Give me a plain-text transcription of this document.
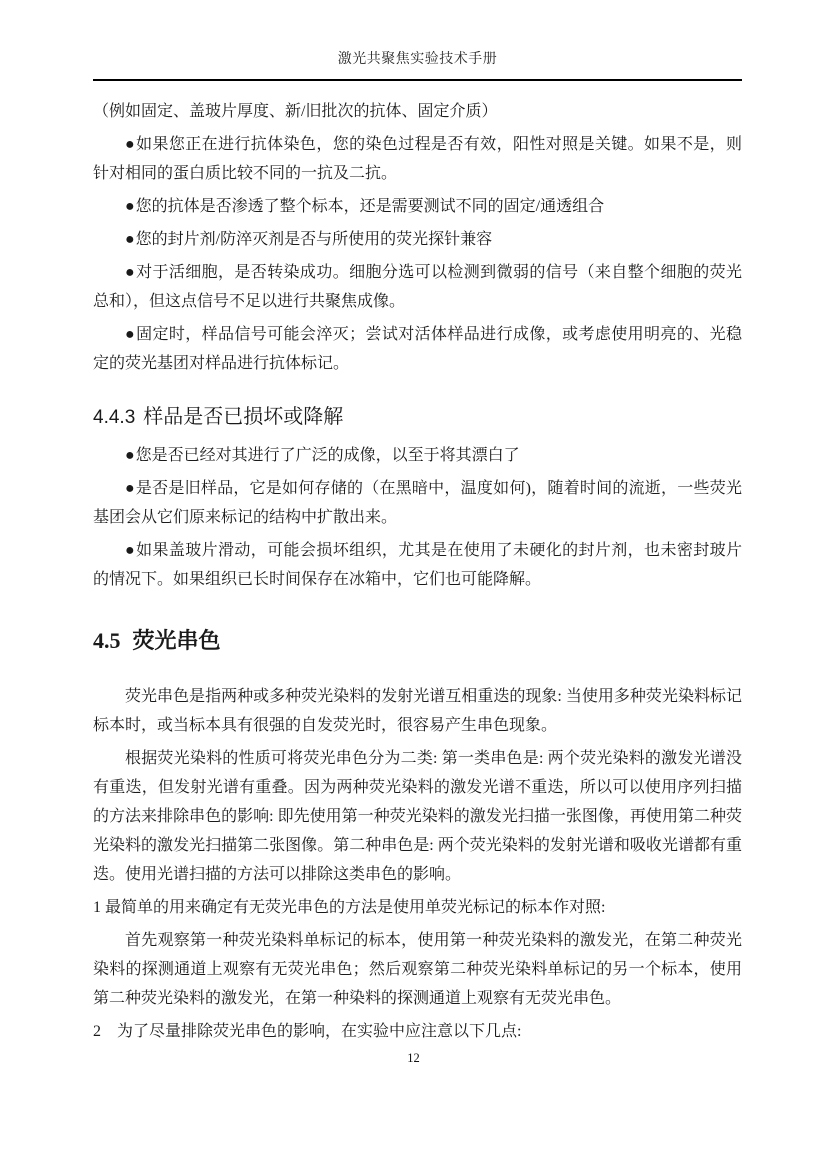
激光共聚焦实验技术手册

（例如固定、盖玻片厚度、新/旧批次的抗体、固定介质）

●如果您正在进行抗体染色，您的染色过程是否有效，阳性对照是关键。如果不是，则针对相同的蛋白质比较不同的一抗及二抗。

●您的抗体是否渗透了整个标本，还是需要测试不同的固定/通透组合

●您的封片剂/防淬灭剂是否与所使用的荧光探针兼容

●对于活细胞，是否转染成功。细胞分选可以检测到微弱的信号（来自整个细胞的荧光总和），但这点信号不足以进行共聚焦成像。

●固定时，样品信号可能会淬灭；尝试对活体样品进行成像，或考虑使用明亮的、光稳定的荧光基团对样品进行抗体标记。

4.4.3 样品是否已损坏或降解

●您是否已经对其进行了广泛的成像，以至于将其漂白了

●是否是旧样品，它是如何存储的（在黑暗中，温度如何)，随着时间的流逝，一些荧光基团会从它们原来标记的结构中扩散出来。

●如果盖玻片滑动，可能会损坏组织，尤其是在使用了未硬化的封片剂，也未密封玻片的情况下。如果组织已长时间保存在冰箱中，它们也可能降解。

4.5 荧光串色

荧光串色是指两种或多种荧光染料的发射光谱互相重迭的现象: 当使用多种荧光染料标记标本时，或当标本具有很强的自发荧光时，很容易产生串色现象。

根据荧光染料的性质可将荧光串色分为二类: 第一类串色是: 两个荧光染料的激发光谱没有重迭，但发射光谱有重叠。因为两种荧光染料的激发光谱不重迭，所以可以使用序列扫描的方法来排除串色的影响: 即先使用第一种荧光染料的激发光扫描一张图像，再使用第二种荧光染料的激发光扫描第二张图像。第二种串色是: 两个荧光染料的发射光谱和吸收光谱都有重迭。使用光谱扫描的方法可以排除这类串色的影响。

1 最简单的用来确定有无荧光串色的方法是使用单荧光标记的标本作对照:

首先观察第一种荧光染料单标记的标本，使用第一种荧光染料的激发光，在第二种荧光染料的探测通道上观察有无荧光串色；然后观察第二种荧光染料单标记的另一个标本，使用第二种荧光染料的激发光，在第一种染料的探测通道上观察有无荧光串色。

2　为了尽量排除荧光串色的影响，在实验中应注意以下几点:

12
